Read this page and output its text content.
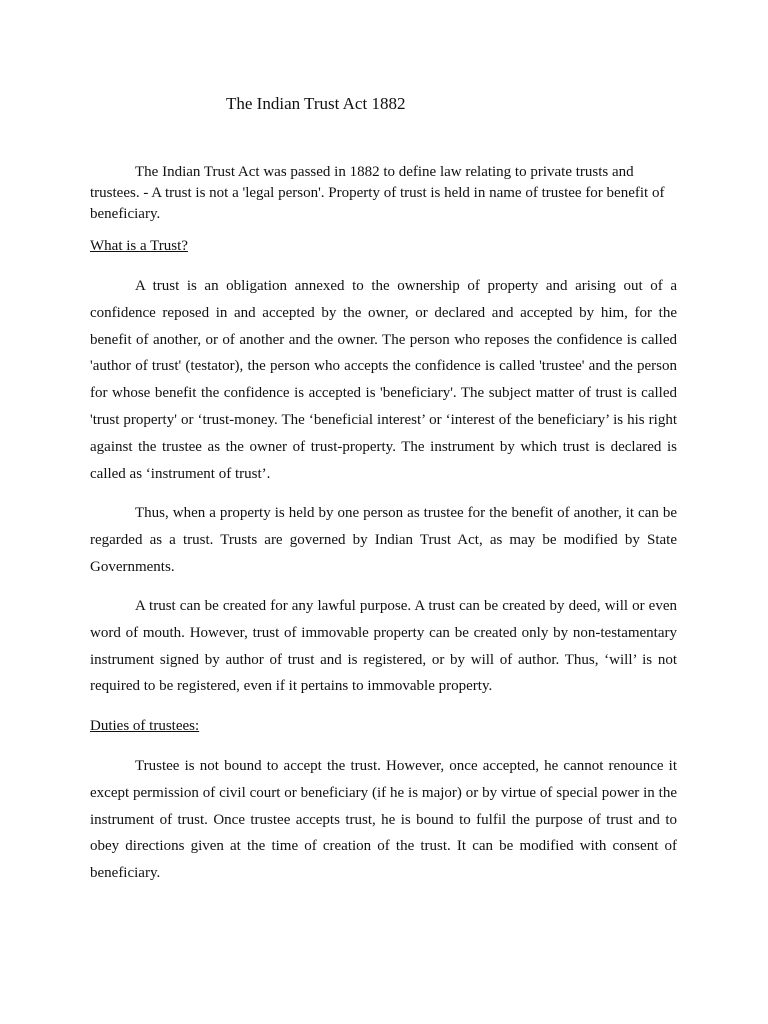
The Indian Trust Act 1882

The Indian Trust Act was passed in 1882 to define law relating to private trusts and trustees. - A trust is not a 'legal person'. Property of trust is held in name of trustee for benefit of beneficiary.

What is a Trust?

A trust is an obligation annexed to the ownership of property and arising out of a confidence reposed in and accepted by the owner, or declared and accepted by him, for the benefit of another, or of another and the owner. The person who reposes the confidence is called 'author of trust' (testator), the person who accepts the confidence is called 'trustee' and the person for whose benefit the confidence is accepted is 'beneficiary'. The subject matter of trust is called 'trust property' or ‘trust-money. The ‘beneficial interest’ or ‘interest of the beneficiary’ is his right against the trustee as the owner of trust-property. The instrument by which trust is declared is called as ‘instrument of trust’.

Thus, when a property is held by one person as trustee for the benefit of another, it can be regarded as a trust. Trusts are governed by Indian Trust Act, as may be modified by State Governments.

A trust can be created for any lawful purpose. A trust can be created by deed, will or even word of mouth. However, trust of immovable property can be created only by non-testamentary instrument signed by author of trust and is registered, or by will of author. Thus, ‘will’ is not required to be registered, even if it pertains to immovable property.

Duties of trustees:

Trustee is not bound to accept the trust. However, once accepted, he cannot renounce it except permission of civil court or beneficiary (if he is major) or by virtue of special power in the instrument of trust. Once trustee accepts trust, he is bound to fulfil the purpose of trust and to obey directions given at the time of creation of the trust. It can be modified with consent of beneficiary.
